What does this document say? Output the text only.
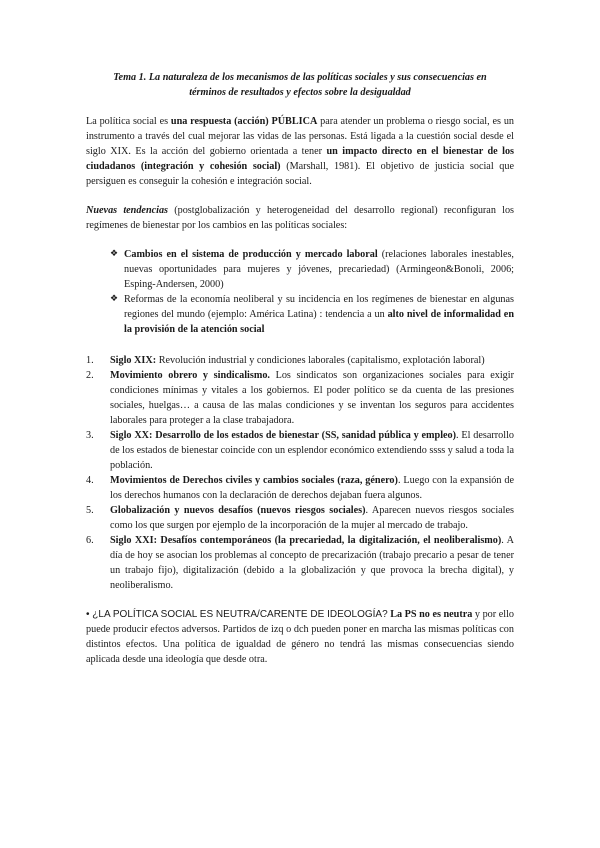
Tema 1. La naturaleza de los mecanismos de las políticas sociales y sus consecuencias en
términos de resultados y efectos sobre la desigualdad

La política social es una respuesta (acción) PÚBLICA para atender un problema o riesgo social, es un instrumento a través del cual mejorar las vidas de las personas. Está ligada a la cuestión social desde el siglo XIX. Es la acción del gobierno orientada a tener un impacto directo en el bienestar de los ciudadanos (integración y cohesión social) (Marshall, 1981). El objetivo de justicia social que persiguen es conseguir la cohesión e integración social.

Nuevas tendencias (postglobalización y heterogeneidad del desarrollo regional) reconfiguran los regímenes de bienestar por los cambios en las políticas sociales:

❖ Cambios en el sistema de producción y mercado laboral (relaciones laborales inestables, nuevas oportunidades para mujeres y jóvenes, precariedad) (Armingeon&Bonoli, 2006; Esping-Andersen, 2000)
❖ Reformas de la economía neoliberal y su incidencia en los regímenes de bienestar en algunas regiones del mundo (ejemplo: América Latina) : tendencia a un alto nivel de informalidad en la provisión de la atención social
1. Siglo XIX: Revolución industrial y condiciones laborales (capitalismo, explotación laboral)
2. Movimiento obrero y sindicalismo. Los sindicatos son organizaciones sociales para exigir condiciones mínimas y vitales a los gobiernos. El poder político se da cuenta de las presiones sociales, huelgas… a causa de las malas condiciones y se inventan los seguros para accidentes laborales para proteger a la clase trabajadora.
3. Siglo XX: Desarrollo de los estados de bienestar (SS, sanidad pública y empleo). El desarrollo de los estados de bienestar coincide con un esplendor económico extendiendo ssss y salud a toda la población.
4. Movimientos de Derechos civiles y cambios sociales (raza, género). Luego con la expansión de los derechos humanos con la declaración de derechos dejaban fuera algunos.
5. Globalización y nuevos desafíos (nuevos riesgos sociales). Aparecen nuevos riesgos sociales como los que surgen por ejemplo de la incorporación de la mujer al mercado de trabajo.
6. Siglo XXI: Desafíos contemporáneos (la precariedad, la digitalización, el neoliberalismo). A día de hoy se asocian los problemas al concepto de precarización (trabajo precario a pesar de tener un trabajo fijo), digitalización (debido a la globalización y que provoca la brecha digital), y neoliberalismo.

• ¿LA POLÍTICA SOCIAL ES NEUTRA/CARENTE DE IDEOLOGÍA? La PS no es neutra y por ello puede producir efectos adversos. Partidos de izq o dch pueden poner en marcha las mismas políticas con distintos efectos. Una política de igualdad de género no tendrá las mismas consecuencias siendo aplicada desde una ideología que desde otra.
